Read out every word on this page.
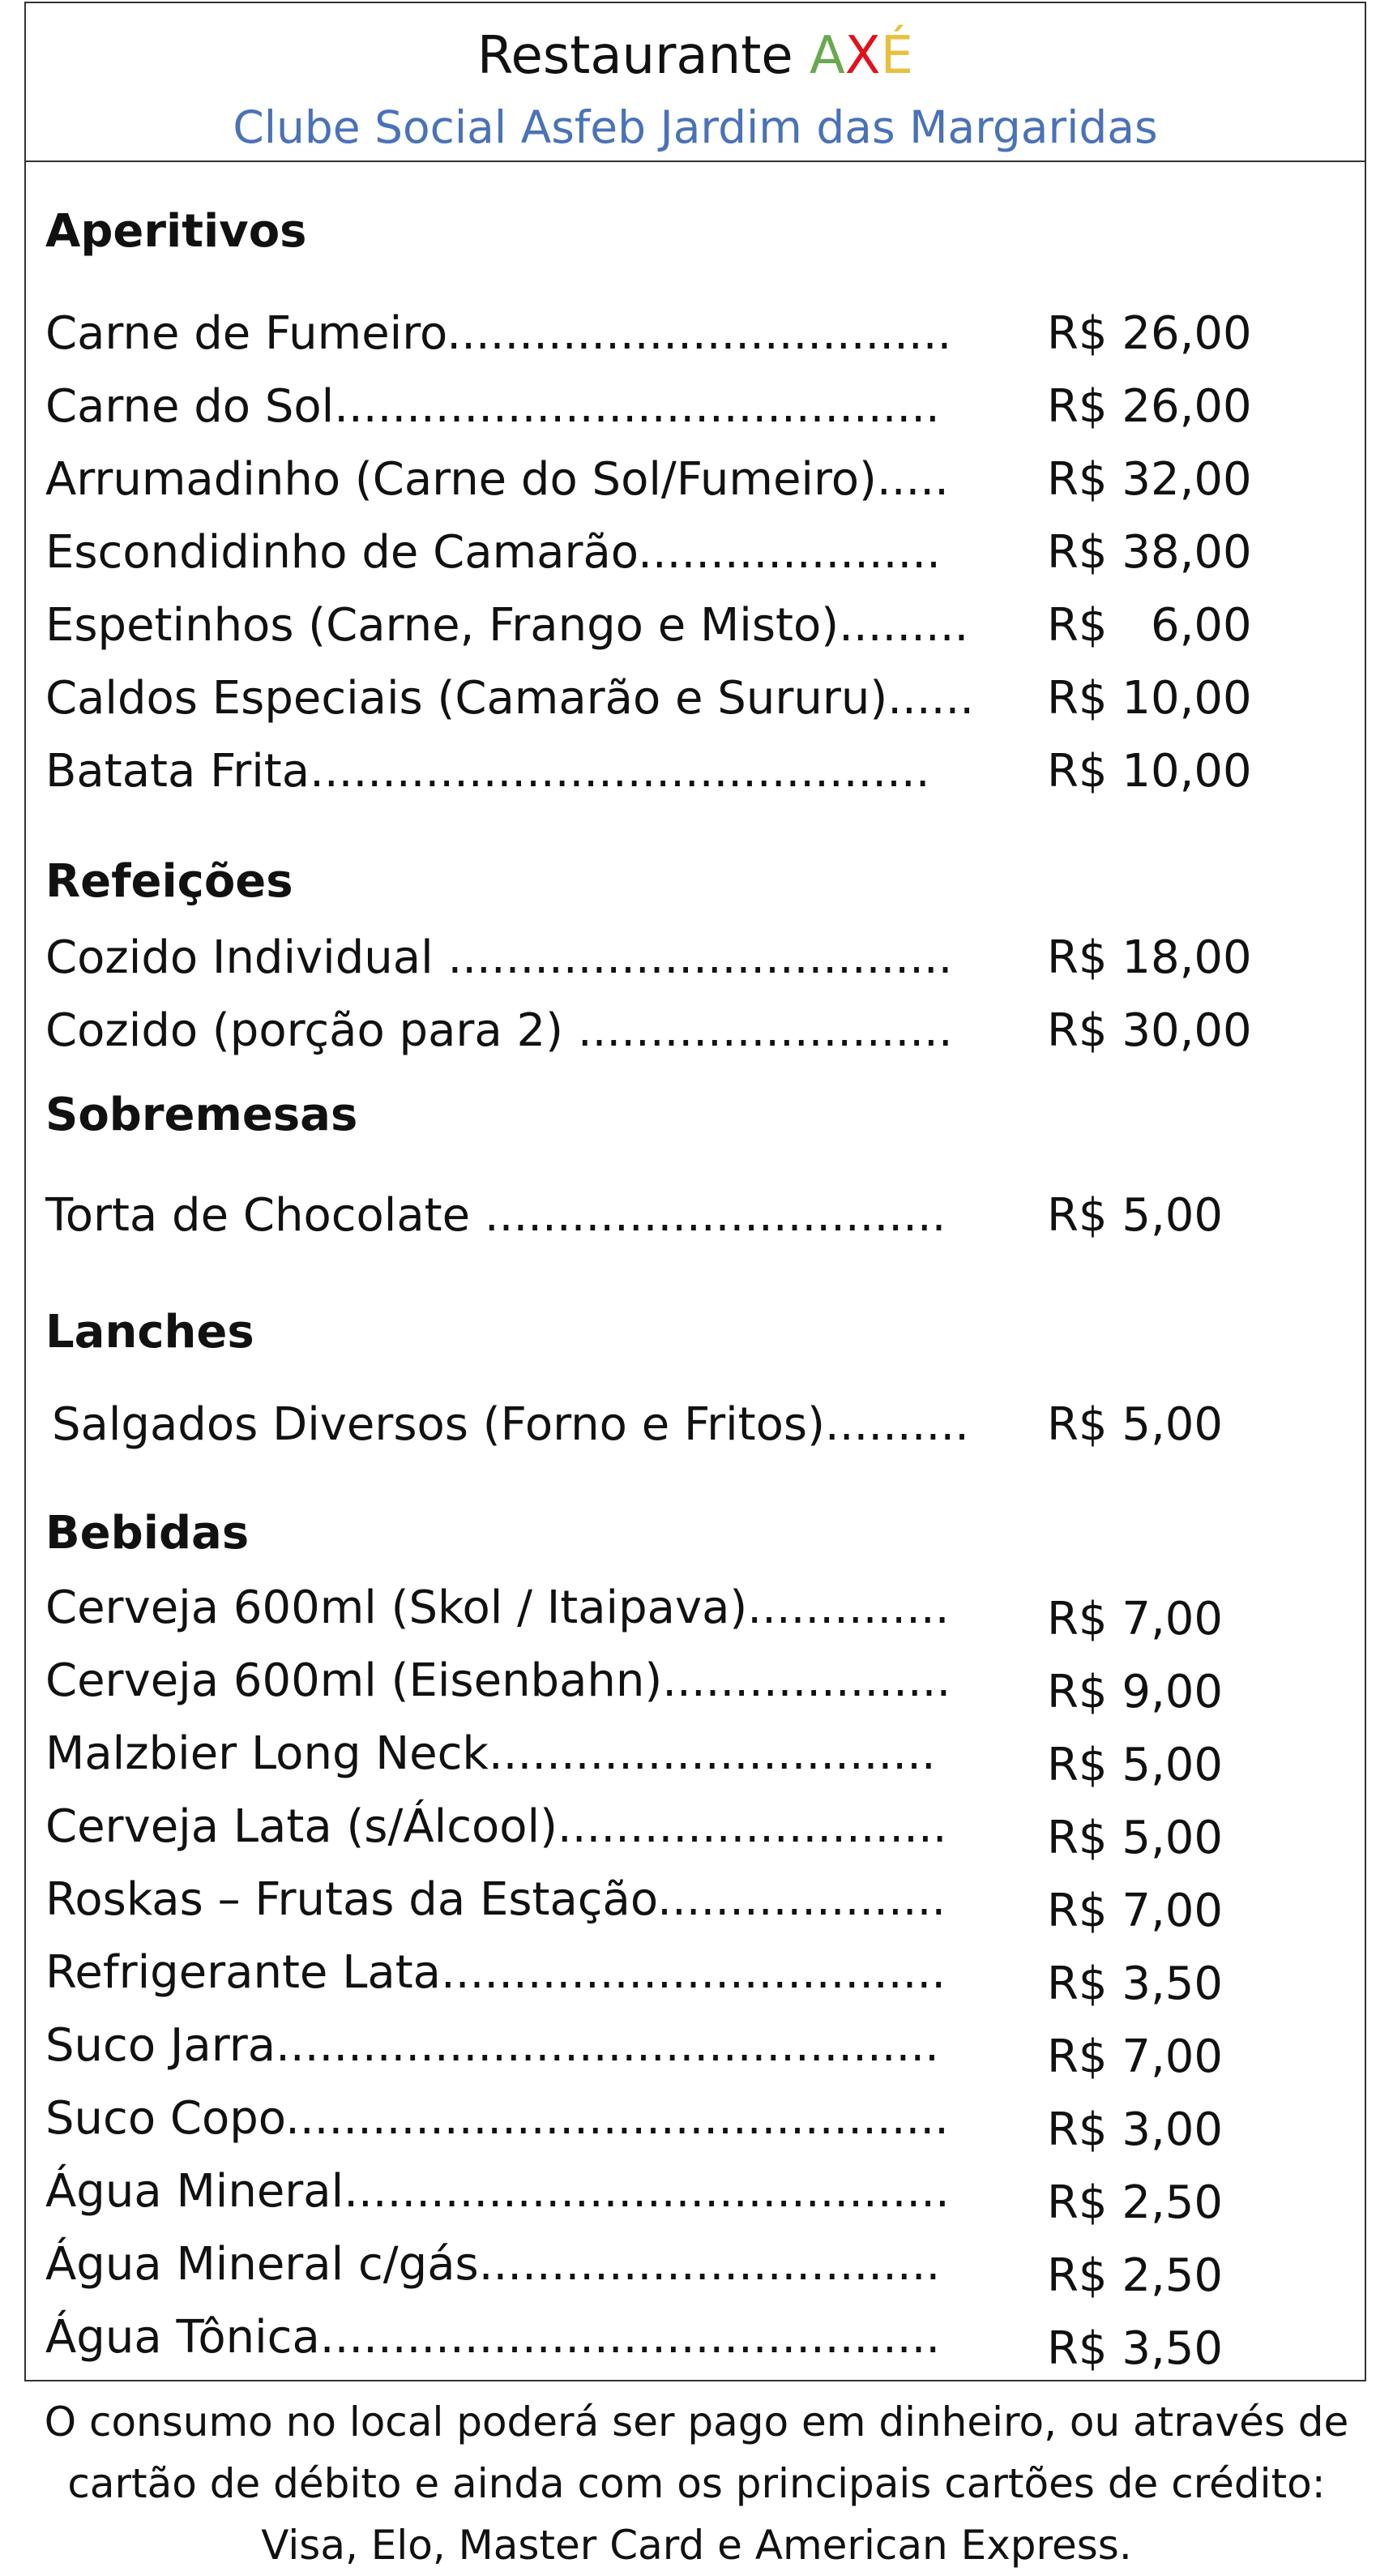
Restaurante AXÉ
Clube Social Asfeb Jardim das Margaridas
Aperitivos
Carne de Fumeiro...................................	R$ 26,00
Carne do Sol..........................................	R$ 26,00
Arrumadinho (Carne do Sol/Fumeiro).....	R$ 32,00
Escondidinho de Camarão.....................	R$ 38,00
Espetinhos (Carne, Frango e Misto).........	R$   6,00
Caldos Especiais (Camarão e Sururu)......	R$ 10,00
Batata Frita...........................................	R$ 10,00
Refeições
Cozido Individual ...................................	R$ 18,00
Cozido (porção para 2) ..........................	R$ 30,00
Sobremesas
Torta de Chocolate ................................	R$ 5,00
Lanches
Salgados Diversos (Forno e Fritos)..........	R$ 5,00
Bebidas
Cerveja 600ml (Skol / Itaipava)..............	R$ 7,00
Cerveja 600ml (Eisenbahn)....................	R$ 9,00
Malzbier Long Neck...............................	R$ 5,00
Cerveja Lata (s/Álcool)...........................	R$ 5,00
Roskas – Frutas da Estação....................	R$ 7,00
Refrigerante Lata...................................	R$ 3,50
Suco Jarra..............................................	R$ 7,00
Suco Copo..............................................	R$ 3,00
Água Mineral..........................................	R$ 2,50
Água Mineral c/gás................................	R$ 2,50
Água Tônica...........................................	R$ 3,50
O consumo no local poderá ser pago em dinheiro, ou através de
cartão de débito e ainda com os principais cartões de crédito:
Visa, Elo, Master Card e American Express.
